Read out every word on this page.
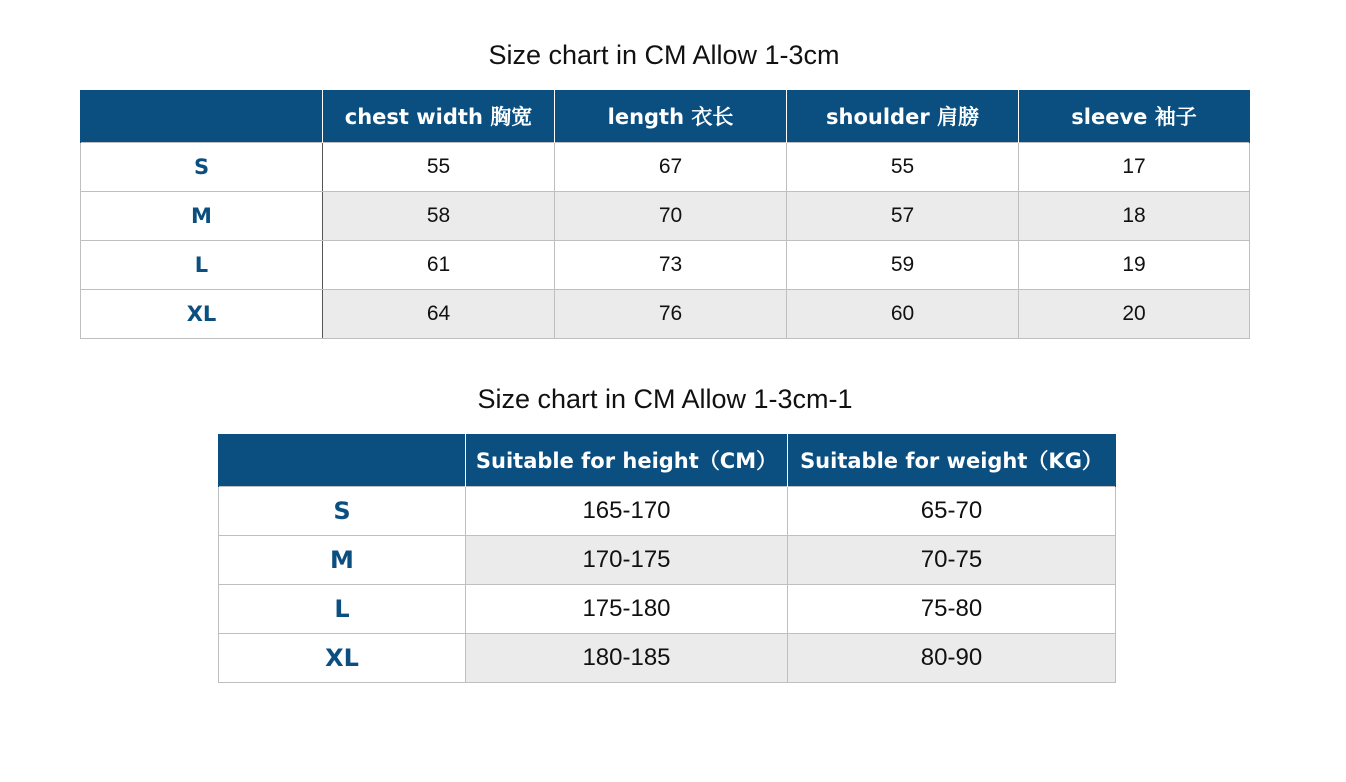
Size chart in CM Allow 1-3cm
	chest width 胸宽	length 衣长	shoulder 肩膀	sleeve 袖子
S	55	67	55	17
M	58	70	57	18
L	61	73	59	19
XL	64	76	60	20
Size chart in CM Allow 1-3cm-1
	Suitable for height（CM）	Suitable for weight（KG）
S	165-170	65-70
M	170-175	70-75
L	175-180	75-80
XL	180-185	80-90
